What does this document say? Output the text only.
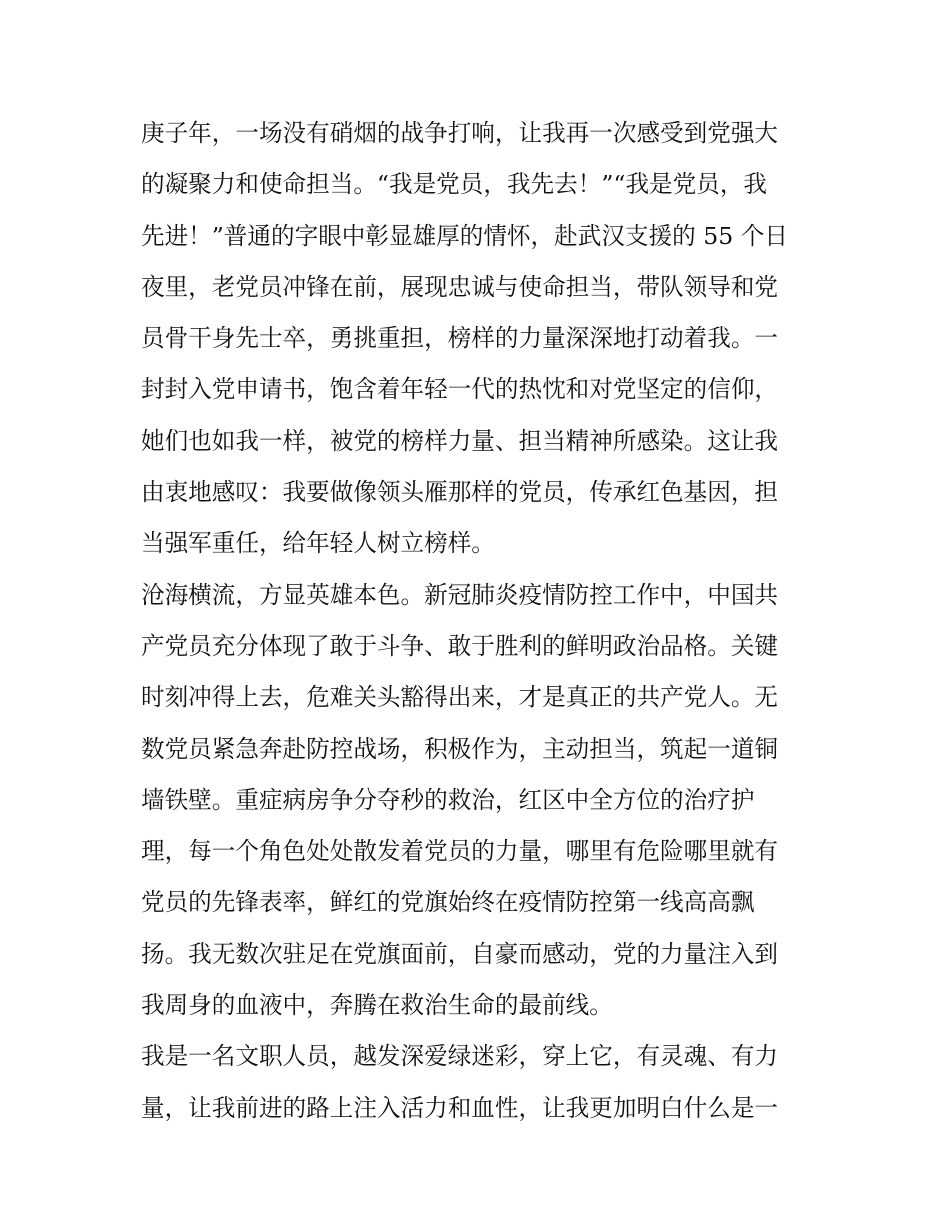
庚子年，一场没有硝烟的战争打响，让我再一次感受到党强大
的凝聚力和使命担当。“我是党员，我先去！”“我是党员，我
先进！”普通的字眼中彰显雄厚的情怀，赴武汉支援的 55 个日
夜里，老党员冲锋在前，展现忠诚与使命担当，带队领导和党
员骨干身先士卒，勇挑重担，榜样的力量深深地打动着我。一
封封入党申请书，饱含着年轻一代的热忱和对党坚定的信仰，
她们也如我一样，被党的榜样力量、担当精神所感染。这让我
由衷地感叹：我要做像领头雁那样的党员，传承红色基因，担
当强军重任，给年轻人树立榜样。
沧海横流，方显英雄本色。新冠肺炎疫情防控工作中，中国共
产党员充分体现了敢于斗争、敢于胜利的鲜明政治品格。关键
时刻冲得上去，危难关头豁得出来，才是真正的共产党人。无
数党员紧急奔赴防控战场，积极作为，主动担当，筑起一道铜
墙铁壁。重症病房争分夺秒的救治，红区中全方位的治疗护
理，每一个角色处处散发着党员的力量，哪里有危险哪里就有
党员的先锋表率，鲜红的党旗始终在疫情防控第一线高高飘
扬。我无数次驻足在党旗面前，自豪而感动，党的力量注入到
我周身的血液中，奔腾在救治生命的最前线。
我是一名文职人员，越发深爱绿迷彩，穿上它，有灵魂、有力
量，让我前进的路上注入活力和血性，让我更加明白什么是一
